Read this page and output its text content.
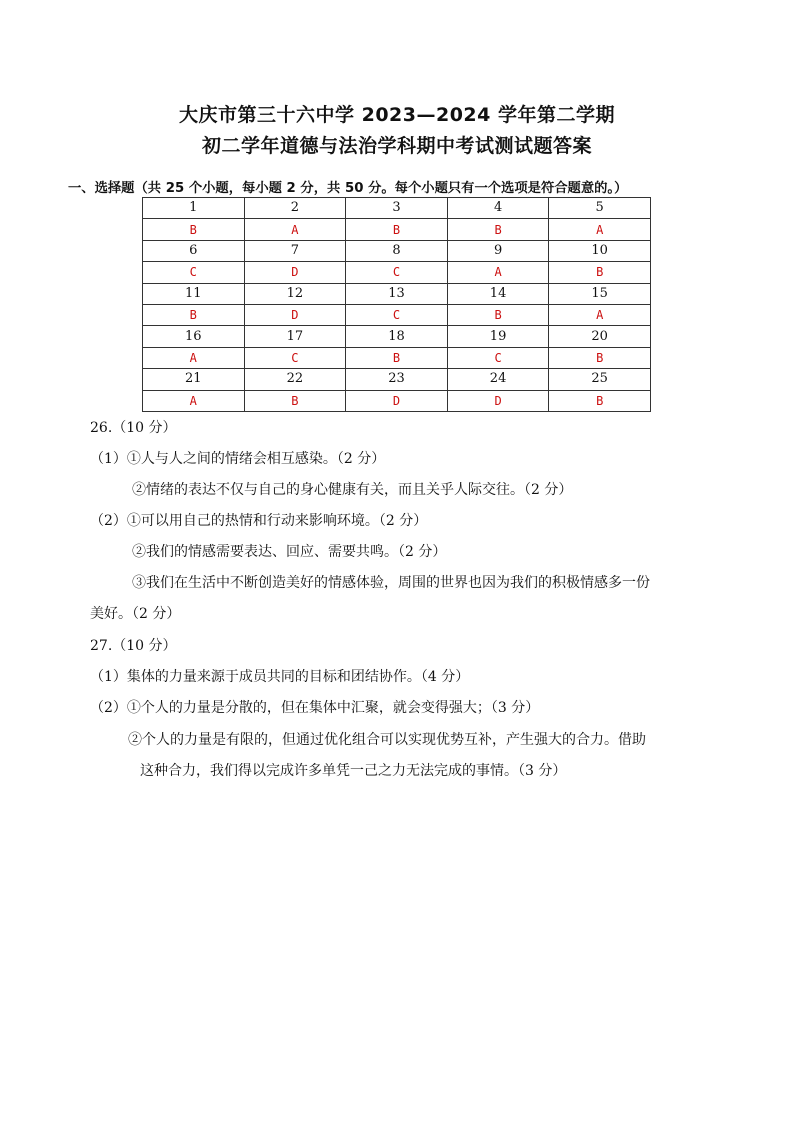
大庆市第三十六中学 2023—2024 学年第二学期
初二学年道德与法治学科期中考试测试题答案

一、选择题（共 25 个小题，每小题 2 分，共 50 分。每个小题只有一个选项是符合题意的。）

1	2	3	4	5
B	A	B	B	A
6	7	8	9	10
C	D	C	A	B
11	12	13	14	15
B	D	C	B	A
16	17	18	19	20
A	C	B	C	B
21	22	23	24	25
A	B	D	D	B

26.（10 分）

（1）①人与人之间的情绪会相互感染。（2 分）

②情绪的表达不仅与自己的身心健康有关，而且关乎人际交往。（2 分）

（2）①可以用自己的热情和行动来影响环境。（2 分）

②我们的情感需要表达、回应、需要共鸣。（2 分）

③我们在生活中不断创造美好的情感体验，周围的世界也因为我们的积极情感多一份

美好。（2 分）

27.（10 分）

（1）集体的力量来源于成员共同的目标和团结协作。（4 分）

（2）①个人的力量是分散的，但在集体中汇聚，就会变得强大；（3 分）

②个人的力量是有限的，但通过优化组合可以实现优势互补，产生强大的合力。借助

这种合力，我们得以完成许多单凭一己之力无法完成的事情。（3 分）
